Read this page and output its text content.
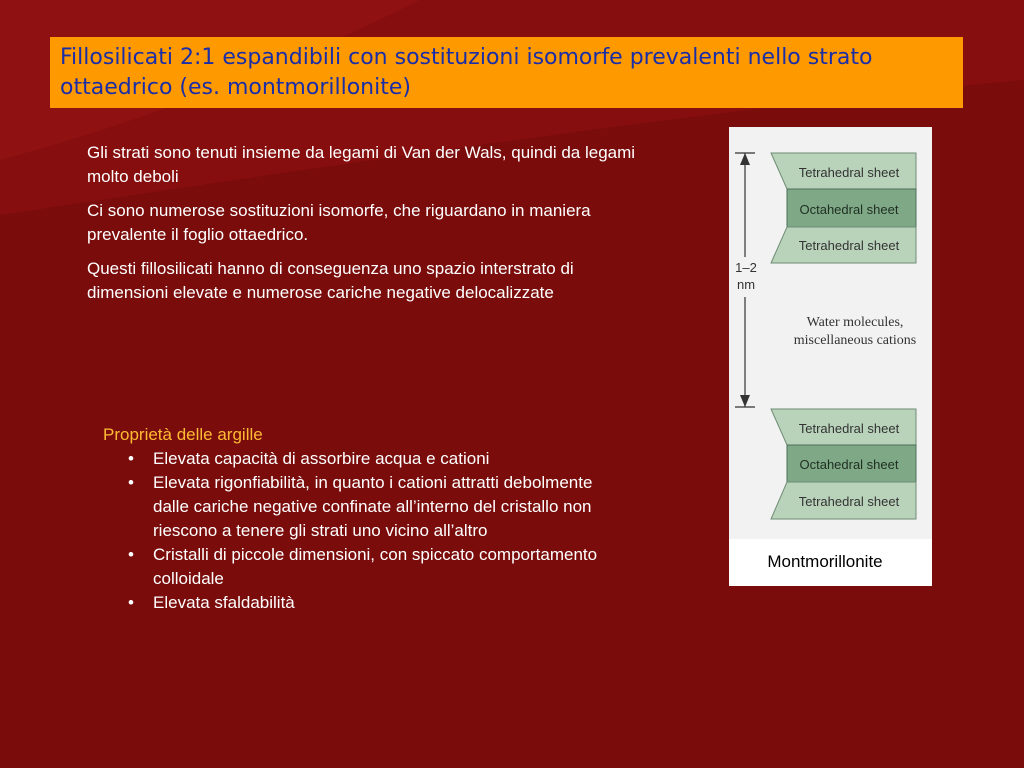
Fillosilicati 2:1 espandibili con sostituzioni isomorfe prevalenti nello strato ottaedrico (es. montmorillonite)

Gli strati sono tenuti insieme da legami di Van der Wals, quindi da legami molto deboli

Ci sono numerose sostituzioni isomorfe, che riguardano in maniera prevalente il foglio ottaedrico.

Questi fillosilicati hanno di conseguenza uno spazio interstrato di dimensioni elevate e numerose cariche negative delocalizzate

Proprietà delle argille
• Elevata capacità di assorbire acqua e cationi
• Elevata rigonfiabilità, in quanto i cationi attratti debolmente dalle cariche negative confinate all’interno del cristallo non riescono a tenere gli strati uno vicino all’altro
• Cristalli di piccole dimensioni, con spiccato comportamento colloidale
• Elevata sfaldabilità
1–2
nm
Tetrahedral sheet
Octahedral sheet
Tetrahedral sheet
Water molecules,
miscellaneous cations
Tetrahedral sheet
Octahedral sheet
Tetrahedral sheet
Montmorillonite
